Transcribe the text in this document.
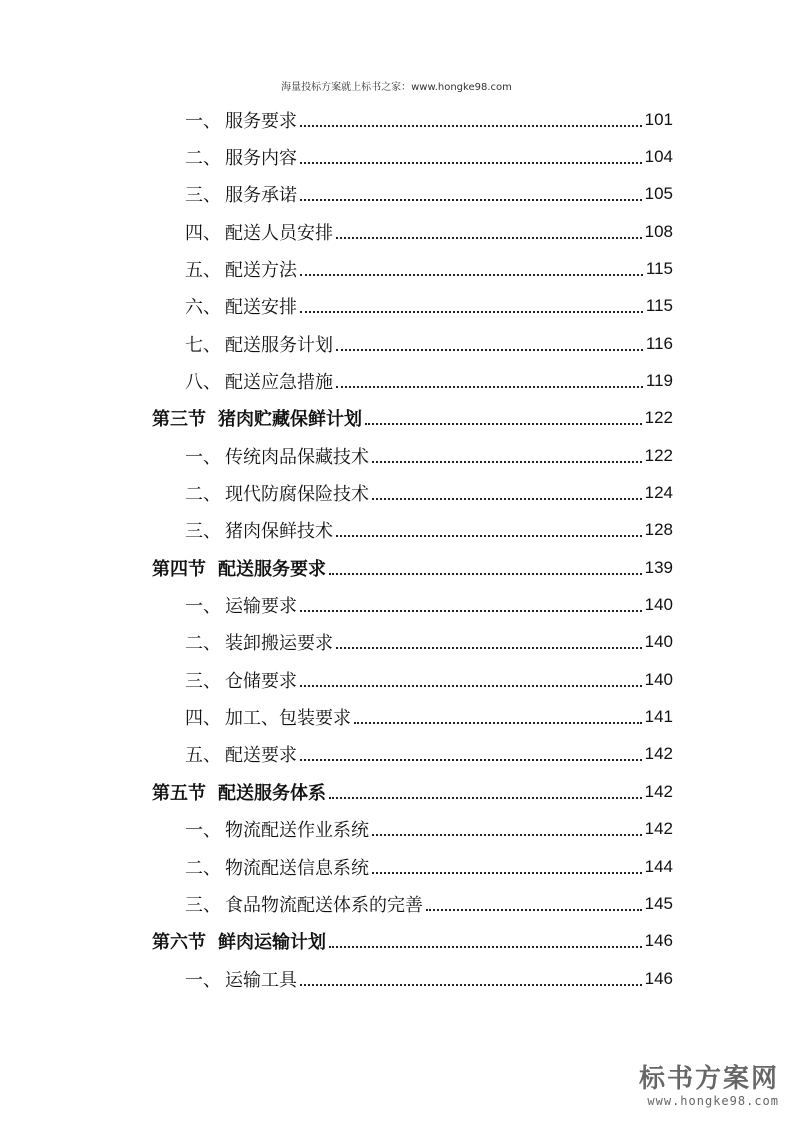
海量投标方案就上标书之家：www.hongke98.com
一、 服务要求	101
二、 服务内容	104
三、 服务承诺	105
四、 配送人员安排	108
五、 配送方法	115
六、 配送安排	115
七、 配送服务计划	116
八、 配送应急措施	119
第三节 猪肉贮藏保鲜计划	122
一、 传统肉品保藏技术	122
二、 现代防腐保险技术	124
三、 猪肉保鲜技术	128
第四节 配送服务要求	139
一、 运输要求	140
二、 装卸搬运要求	140
三、 仓储要求	140
四、 加工、包装要求	141
五、 配送要求	142
第五节 配送服务体系	142
一、 物流配送作业系统	142
二、 物流配送信息系统	144
三、 食品物流配送体系的完善	145
第六节 鲜肉运输计划	146
一、 运输工具	146
标书方案网
www.hongke98.com
